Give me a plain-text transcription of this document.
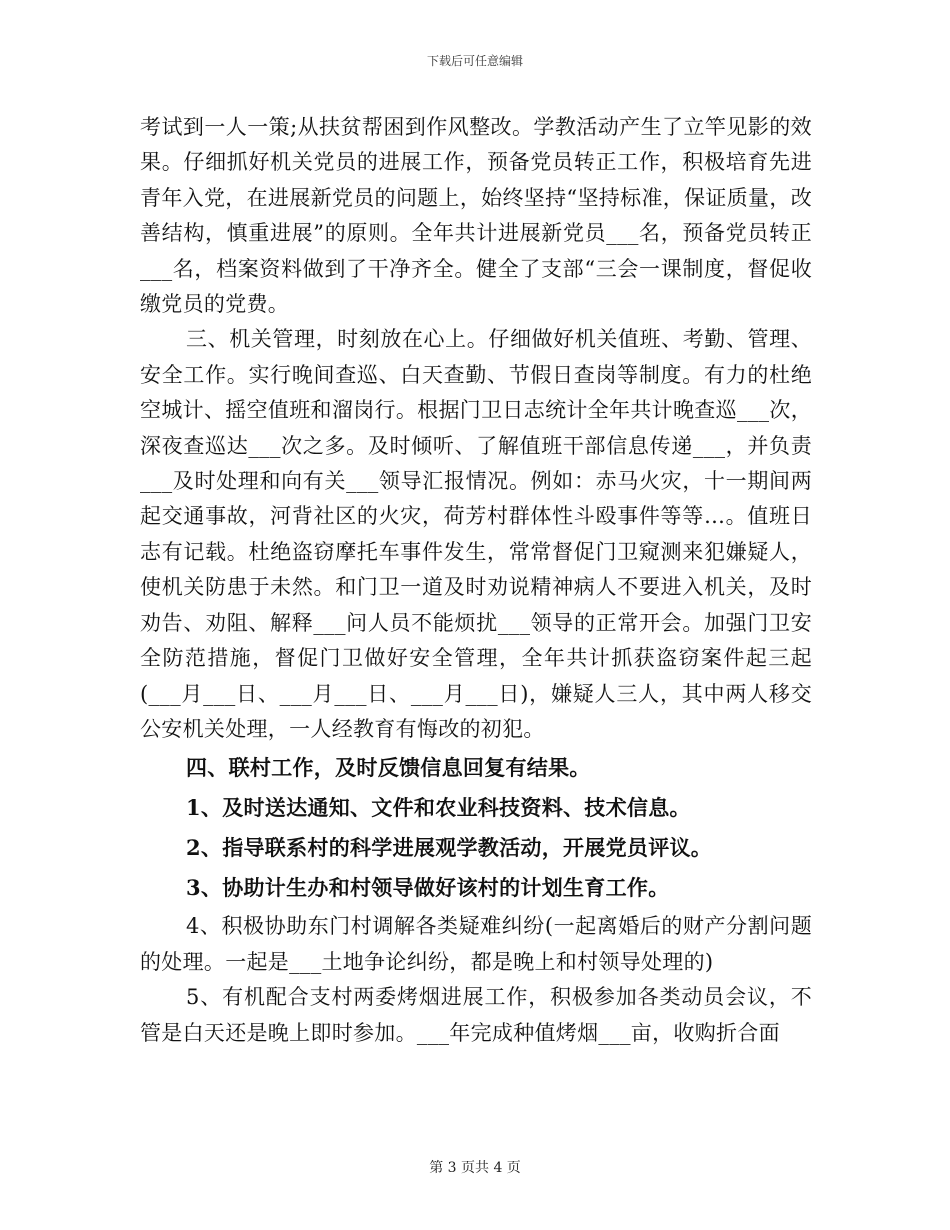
下载后可任意编辑

考试到一人一策;从扶贫帮困到作风整改。学教活动产生了立竿见影的效果。仔细抓好机关党员的进展工作，预备党员转正工作，积极培育先进青年入党，在进展新党员的问题上，始终坚持“坚持标准，保证质量，改善结构，慎重进展”的原则。全年共计进展新党员___名，预备党员转正___名，档案资料做到了干净齐全。健全了支部“三会一课制度，督促收缴党员的党费。

三、机关管理，时刻放在心上。仔细做好机关值班、考勤、管理、安全工作。实行晚间查巡、白天查勤、节假日查岗等制度。有力的杜绝空城计、摇空值班和溜岗行。根据门卫日志统计全年共计晚查巡___次，深夜查巡达___次之多。及时倾听、了解值班干部信息传递___，并负责___及时处理和向有关___领导汇报情况。例如：赤马火灾，十一期间两起交通事故，河背社区的火灾，荷芳村群体性斗殴事件等等…。值班日志有记载。杜绝盗窃摩托车事件发生，常常督促门卫窥测来犯嫌疑人，使机关防患于未然。和门卫一道及时劝说精神病人不要进入机关，及时劝告、劝阻、解释___问人员不能烦扰___领导的正常开会。加强门卫安全防范措施，督促门卫做好安全管理，全年共计抓获盗窃案件起三起(___月___日、___月___日、___月___日)，嫌疑人三人，其中两人移交公安机关处理，一人经教育有悔改的初犯。

四、联村工作，及时反馈信息回复有结果。

1、及时送达通知、文件和农业科技资料、技术信息。

2、指导联系村的科学进展观学教活动，开展党员评议。

3、协助计生办和村领导做好该村的计划生育工作。

4、积极协助东门村调解各类疑难纠纷(一起离婚后的财产分割问题的处理。一起是___土地争论纠纷，都是晚上和村领导处理的)

5、有机配合支村两委烤烟进展工作，积极参加各类动员会议，不管是白天还是晚上即时参加。___年完成种值烤烟___亩，收购折合面

第 3 页共 4 页
